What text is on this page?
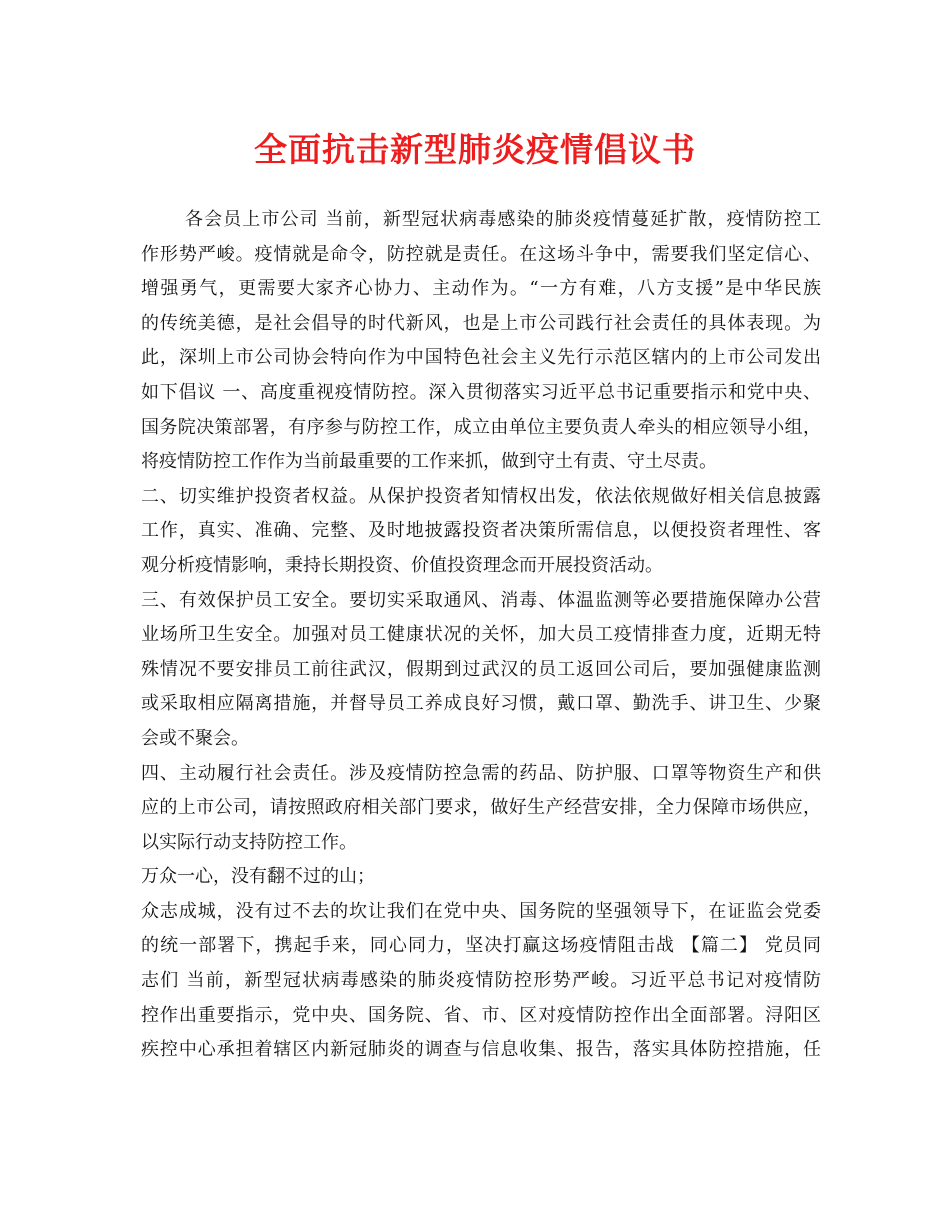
全面抗击新型肺炎疫情倡议书
各会员上市公司 当前，新型冠状病毒感染的肺炎疫情蔓延扩散，疫情防控工
作形势严峻。疫情就是命令，防控就是责任。在这场斗争中，需要我们坚定信心、
增强勇气，更需要大家齐心协力、主动作为。“一方有难，八方支援”是中华民族
的传统美德，是社会倡导的时代新风，也是上市公司践行社会责任的具体表现。为
此，深圳上市公司协会特向作为中国特色社会主义先行示范区辖内的上市公司发出
如下倡议 一、高度重视疫情防控。深入贯彻落实习近平总书记重要指示和党中央、
国务院决策部署，有序参与防控工作，成立由单位主要负责人牵头的相应领导小组，
将疫情防控工作作为当前最重要的工作来抓，做到守土有责、守土尽责。
二、切实维护投资者权益。从保护投资者知情权出发，依法依规做好相关信息披露
工作，真实、准确、完整、及时地披露投资者决策所需信息，以便投资者理性、客
观分析疫情影响，秉持长期投资、价值投资理念而开展投资活动。
三、有效保护员工安全。要切实采取通风、消毒、体温监测等必要措施保障办公营
业场所卫生安全。加强对员工健康状况的关怀，加大员工疫情排查力度，近期无特
殊情况不要安排员工前往武汉，假期到过武汉的员工返回公司后，要加强健康监测
或采取相应隔离措施，并督导员工养成良好习惯，戴口罩、勤洗手、讲卫生、少聚
会或不聚会。
四、主动履行社会责任。涉及疫情防控急需的药品、防护服、口罩等物资生产和供
应的上市公司，请按照政府相关部门要求，做好生产经营安排，全力保障市场供应，
以实际行动支持防控工作。
万众一心，没有翻不过的山；
众志成城，没有过不去的坎让我们在党中央、国务院的坚强领导下，在证监会党委
的统一部署下，携起手来，同心同力，坚决打赢这场疫情阻击战 【篇二】 党员同
志们 当前，新型冠状病毒感染的肺炎疫情防控形势严峻。习近平总书记对疫情防
控作出重要指示，党中央、国务院、省、市、区对疫情防控作出全面部署。浔阳区
疾控中心承担着辖区内新冠肺炎的调查与信息收集、报告，落实具体防控措施，任
